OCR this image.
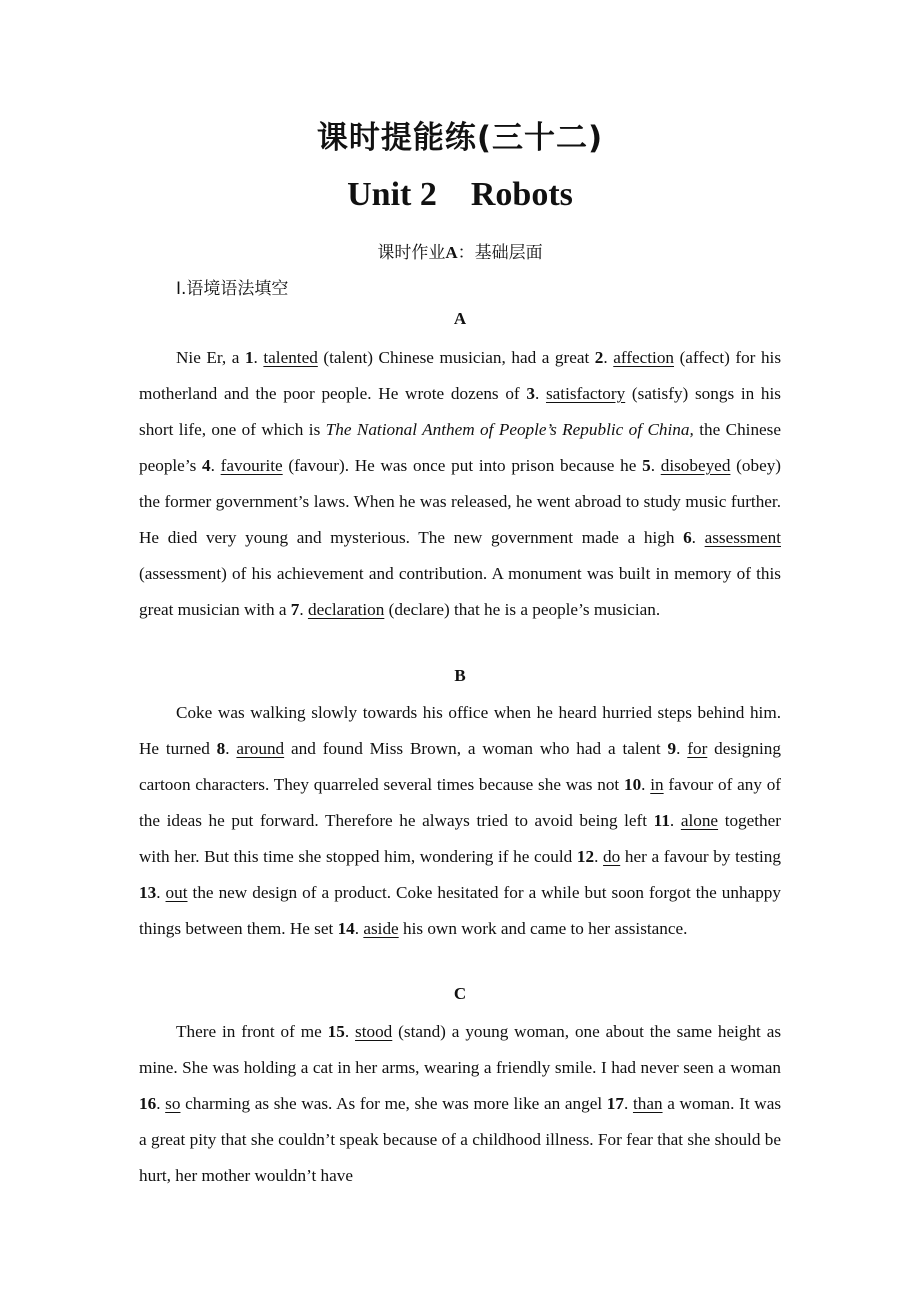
课时提能练(三十二)
Unit 2    Robots
课时作业A：基础层面
Ⅰ.语境语法填空
A
Nie Er, a 1. talented (talent) Chinese musician, had a great 2. affection (affect) for his motherland and the poor people. He wrote dozens of 3. satisfactory (satisfy) songs in his short life, one of which is The National Anthem of People’s Republic of China, the Chinese people’s 4. favourite (favour). He was once put into prison because he 5. disobeyed (obey) the former government’s laws. When he was released, he went abroad to study music further. He died very young and mysterious. The new government made a high 6. assessment (assessment) of his achievement and contribution. A monument was built in memory of this great musician with a 7. declaration (declare) that he is a people’s musician.
B
Coke was walking slowly towards his office when he heard hurried steps behind him. He turned 8. around and found Miss Brown, a woman who had a talent 9. for designing cartoon characters. They quarreled several times because she was not 10. in favour of any of the ideas he put forward. Therefore he always tried to avoid being left 11. alone together with her. But this time she stopped him, wondering if he could 12. do her a favour by testing 13. out the new design of a product. Coke hesitated for a while but soon forgot the unhappy things between them. He set 14. aside his own work and came to her assistance.
C
There in front of me 15. stood (stand) a young woman, one about the same height as mine. She was holding a cat in her arms, wearing a friendly smile. I had never seen a woman 16. so charming as she was. As for me, she was more like an angel 17. than a woman. It was a great pity that she couldn’t speak because of a childhood illness. For fear that she should be hurt, her mother wouldn’t have
